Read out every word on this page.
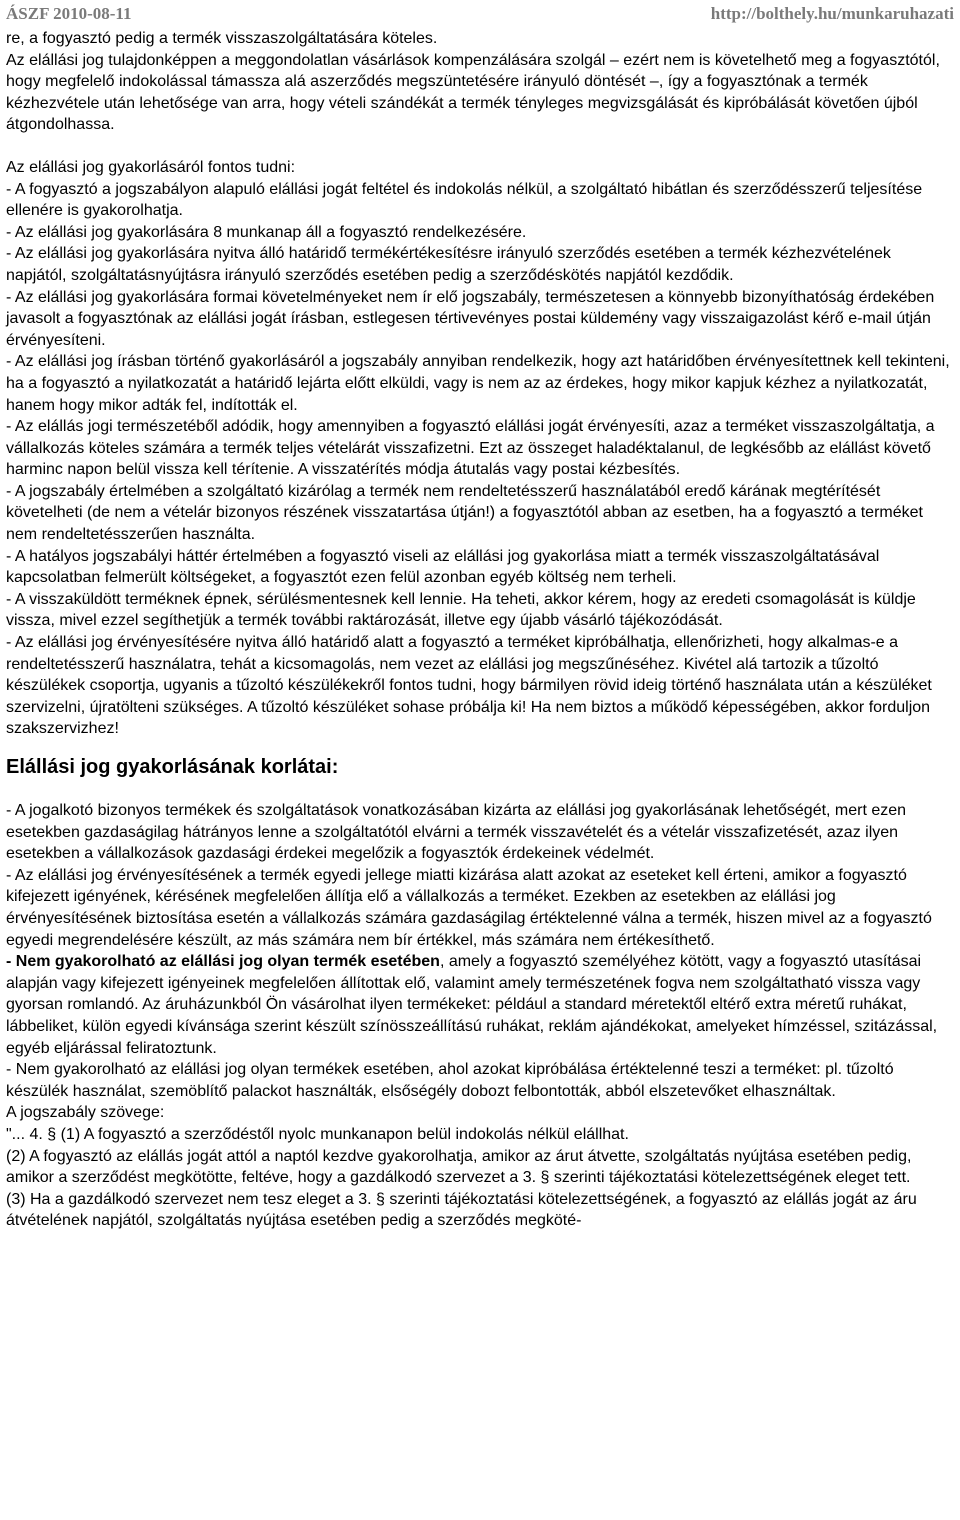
ÁSZF 2010-08-11	http://bolthely.hu/munkaruhazati

re, a fogyasztó pedig a termék visszaszolgáltatására köteles.

Az elállási jog tulajdonképpen a meggondolatlan vásárlások kompenzálására szolgál – ezért nem is követelhető meg a fogyasztótól, hogy megfelelő indokolással támassza alá aszerződés megszüntetésére irányuló döntését –, így a fogyasztónak a termék kézhezvétele után lehetősége van arra, hogy vételi szándékát a termék tényleges megvizsgálását és kipróbálását követően újból átgondolhassa.

Az elállási jog gyakorlásáról fontos tudni:

- A fogyasztó a jogszabályon alapuló elállási jogát feltétel és indokolás nélkül, a szolgáltató hibátlan és szerződésszerű teljesítése ellenére is gyakorolhatja.

- Az elállási jog gyakorlására 8 munkanap áll a fogyasztó rendelkezésére.

- Az elállási jog gyakorlására nyitva álló határidő termékértékesítésre irányuló szerződés esetében a termék kézhezvételének napjától, szolgáltatásnyújtásra irányuló szerződés esetében pedig a szerződéskötés napjától kezdődik.

- Az elállási jog gyakorlására formai követelményeket nem ír elő jogszabály, természetesen a könnyebb bizonyíthatóság érdekében javasolt a fogyasztónak az elállási jogát írásban, estlegesen tértivevényes postai küldemény vagy visszaigazolást kérő e-mail útján érvényesíteni.

- Az elállási jog írásban történő gyakorlásáról a jogszabály annyiban rendelkezik, hogy azt határidőben érvényesítettnek kell tekinteni, ha a fogyasztó a nyilatkozatát a határidő lejárta előtt elküldi, vagy is nem az az érdekes, hogy mikor kapjuk kézhez a nyilatkozatát, hanem hogy mikor adták fel, indították el.

- Az elállás jogi természetéből adódik, hogy amennyiben a fogyasztó elállási jogát érvényesíti, azaz a terméket visszaszolgáltatja, a vállalkozás köteles számára a termék teljes vételárát visszafizetni. Ezt az összeget haladéktalanul, de legkésőbb az elállást követő harminc napon belül vissza kell térítenie. A visszatérítés módja átutalás vagy postai kézbesítés.

- A jogszabály értelmében a szolgáltató kizárólag a termék nem rendeltetésszerű használatából eredő kárának megtérítését követelheti (de nem a vételár bizonyos részének visszatartása útján!) a fogyasztótól abban az esetben, ha a fogyasztó a terméket nem rendeltetésszerűen használta.

- A hatályos jogszabályi háttér értelmében a fogyasztó viseli az elállási jog gyakorlása miatt a termék visszaszolgáltatásával kapcsolatban felmerült költségeket, a fogyasztót ezen felül azonban egyéb költség nem terheli.

- A visszaküldött terméknek épnek, sérülésmentesnek kell lennie. Ha teheti, akkor kérem, hogy az eredeti csomagolását is küldje vissza, mivel ezzel segíthetjük a termék további raktározását, illetve egy újabb vásárló tájékozódását.

- Az elállási jog érvényesítésére nyitva álló határidő alatt a fogyasztó a terméket kipróbálhatja, ellenőrizheti, hogy alkalmas-e a rendeltetésszerű használatra, tehát a kicsomagolás, nem vezet az elállási jog megszűnéséhez. Kivétel alá tartozik a tűzoltó készülékek csoportja, ugyanis a tűzoltó készülékekről fontos tudni, hogy bármilyen rövid ideig történő használata után a készüléket szervizelni, újratölteni szükséges. A tűzoltó készüléket sohase próbálja ki! Ha nem biztos a működő képességében, akkor forduljon szakszervizhez!

Elállási jog gyakorlásának korlátai:

- A jogalkotó bizonyos termékek és szolgáltatások vonatkozásában kizárta az elállási jog gyakorlásának lehetőségét, mert ezen esetekben gazdaságilag hátrányos lenne a szolgáltatótól elvárni a termék visszavételét és a vételár visszafizetését, azaz ilyen esetekben a vállalkozások gazdasági érdekei megelőzik a fogyasztók érdekeinek védelmét.

- Az elállási jog érvényesítésének a termék egyedi jellege miatti kizárása alatt azokat az eseteket kell érteni, amikor a fogyasztó kifejezett igényének, kérésének megfelelően állítja elő a vállalkozás a terméket. Ezekben az esetekben az elállási jog érvényesítésének biztosítása esetén a vállalkozás számára gazdaságilag értéktelenné válna a termék, hiszen mivel az a fogyasztó egyedi megrendelésére készült, az más számára nem bír értékkel, más számára nem értékesíthető.

- Nem gyakorolható az elállási jog olyan termék esetében, amely a fogyasztó személyéhez kötött, vagy a fogyasztó utasításai alapján vagy kifejezett igényeinek megfelelően állítottak elő, valamint amely természetének fogva nem szolgáltatható vissza vagy gyorsan romlandó. Az áruházunkból Ön vásárolhat ilyen termékeket: például a standard méretektől eltérő extra méretű ruhákat, lábbeliket, külön egyedi kívánsága szerint készült színösszeállítású ruhákat, reklám ajándékokat, amelyeket hímzéssel, szitázással, egyéb eljárással feliratoztunk.

- Nem gyakorolható az elállási jog olyan termékek esetében, ahol azokat kipróbálása értéktelenné teszi a terméket: pl. tűzoltó készülék használat, szemöblítő palackot használták, elsőségély dobozt felbontották, abból elszetevőket elhasználtak.

A jogszabály szövege:

"... 4. § (1) A fogyasztó a szerződéstől nyolc munkanapon belül indokolás nélkül elállhat.

(2) A fogyasztó az elállás jogát attól a naptól kezdve gyakorolhatja, amikor az árut átvette, szolgáltatás nyújtása esetében pedig, amikor a szerződést megkötötte, feltéve, hogy a gazdálkodó szervezet a 3. § szerinti tájékoztatási kötelezettségének eleget tett.

(3) Ha a gazdálkodó szervezet nem tesz eleget a 3. § szerinti tájékoztatási kötelezettségének, a fogyasztó az elállás jogát az áru átvételének napjától, szolgáltatás nyújtása esetében pedig a szerződés megköté-
